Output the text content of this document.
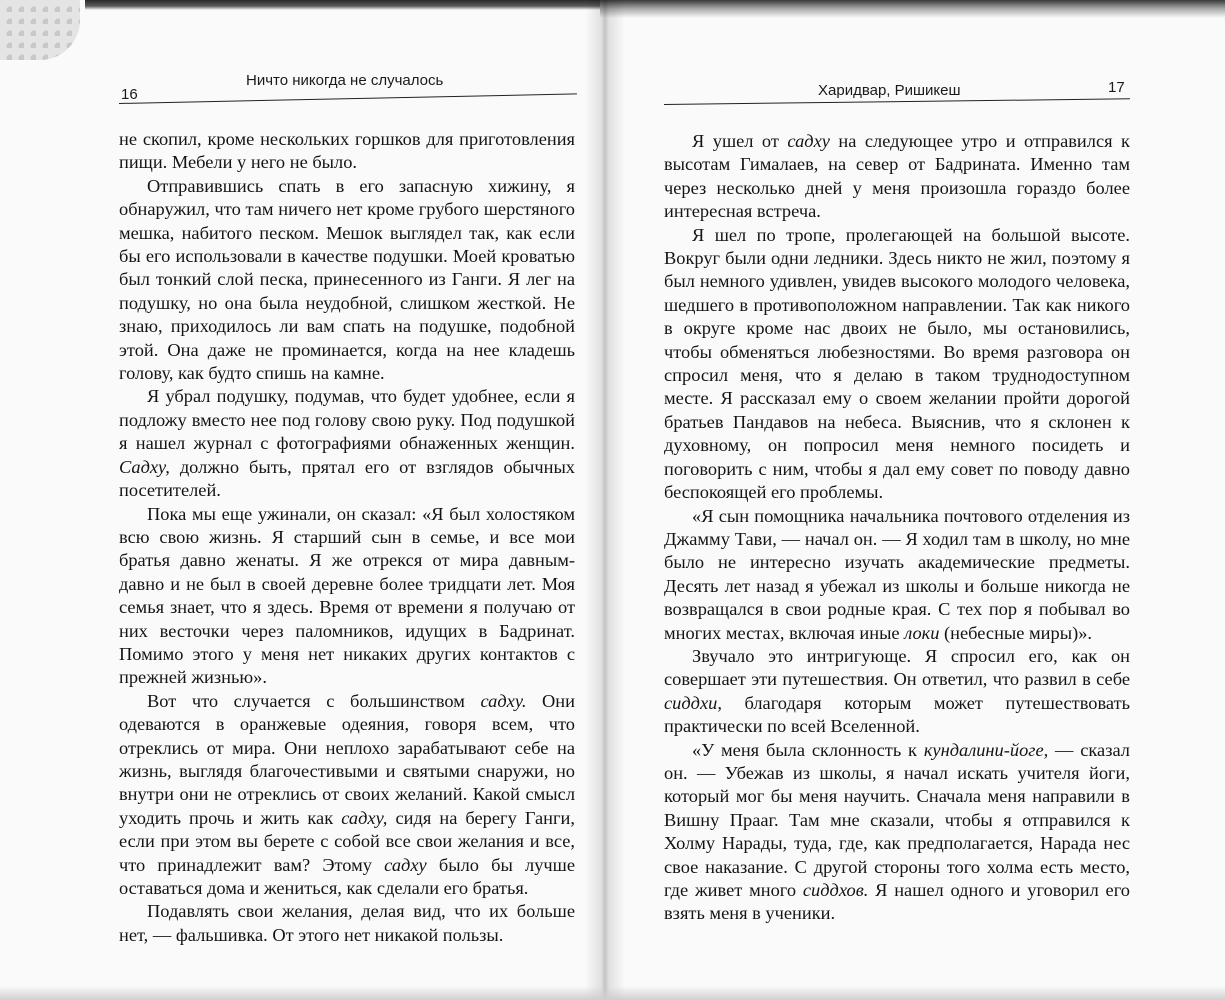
16
Ничто никогда не случалось

не скопил, кроме нескольких горшков для приготовления пищи. Мебели у него не было.

Отправившись спать в его запасную хижину, я обнаружил, что там ничего нет кроме грубого шерстяного мешка, набитого песком. Мешок выглядел так, как если бы его использовали в качестве подушки. Моей кроватью был тонкий слой песка, принесенного из Ганги. Я лег на подушку, но она была неудобной, слишком жесткой. Не знаю, приходилось ли вам спать на подушке, подобной этой. Она даже не проминается, когда на нее кладешь голову, как будто спишь на камне.

Я убрал подушку, подумав, что будет удобнее, если я подложу вместо нее под голову свою руку. Под подушкой я нашел журнал с фотографиями обнаженных женщин. Садху, должно быть, прятал его от взглядов обычных посетителей.

Пока мы еще ужинали, он сказал: «Я был холостяком всю свою жизнь. Я старший сын в семье, и все мои братья давно женаты. Я же отрекся от мира давным-давно и не был в своей деревне более тридцати лет. Моя семья знает, что я здесь. Время от времени я получаю от них весточки через паломников, идущих в Бадринат. Помимо этого у меня нет никаких других контактов с прежней жизнью».

Вот что случается с большинством садху. Они одеваются в оранжевые одеяния, говоря всем, что отреклись от мира. Они неплохо зарабатывают себе на жизнь, выглядя благочестивыми и святыми снаружи, но внутри они не отреклись от своих желаний. Какой смысл уходить прочь и жить как садху, сидя на берегу Ганги, если при этом вы берете с собой все свои желания и все, что принадлежит вам? Этому садху было бы лучше оставаться дома и жениться, как сделали его братья.

Подавлять свои желания, делая вид, что их больше нет, — фальшивка. От этого нет никакой пользы.

Харидвар, Ришикеш	17

Я ушел от садху на следующее утро и отправился к высотам Гималаев, на север от Бадрината. Именно там через несколько дней у меня произошла гораздо более интересная встреча.

Я шел по тропе, пролегающей на большой высоте. Вокруг были одни ледники. Здесь никто не жил, поэтому я был немного удивлен, увидев высокого молодого человека, шедшего в противоположном направлении. Так как никого в округе кроме нас двоих не было, мы остановились, чтобы обменяться любезностями. Во время разговора он спросил меня, что я делаю в таком труднодоступном месте. Я рассказал ему о своем желании пройти дорогой братьев Пандавов на небеса. Выяснив, что я склонен к духовному, он попросил меня немного посидеть и поговорить с ним, чтобы я дал ему совет по поводу давно беспокоящей его проблемы.

«Я сын помощника начальника почтового отделения из Джамму Тави, — начал он. — Я ходил там в школу, но мне было не интересно изучать академические предметы. Десять лет назад я убежал из школы и больше никогда не возвращался в свои родные края. С тех пор я побывал во многих местах, включая иные локи (небесные миры)».

Звучало это интригующе. Я спросил его, как он совершает эти путешествия. Он ответил, что развил в себе сиддхи, благодаря которым может путешествовать практически по всей Вселенной.

«У меня была склонность к кундалини-йоге, — сказал он. — Убежав из школы, я начал искать учителя йоги, который мог бы меня научить. Сначала меня направили в Вишну Прааг. Там мне сказали, чтобы я отправился к Холму Нарады, туда, где, как предполагается, Нарада нес свое наказание. С другой стороны того холма есть место, где живет много сиддхов. Я нашел одного и уговорил его взять меня в ученики.
